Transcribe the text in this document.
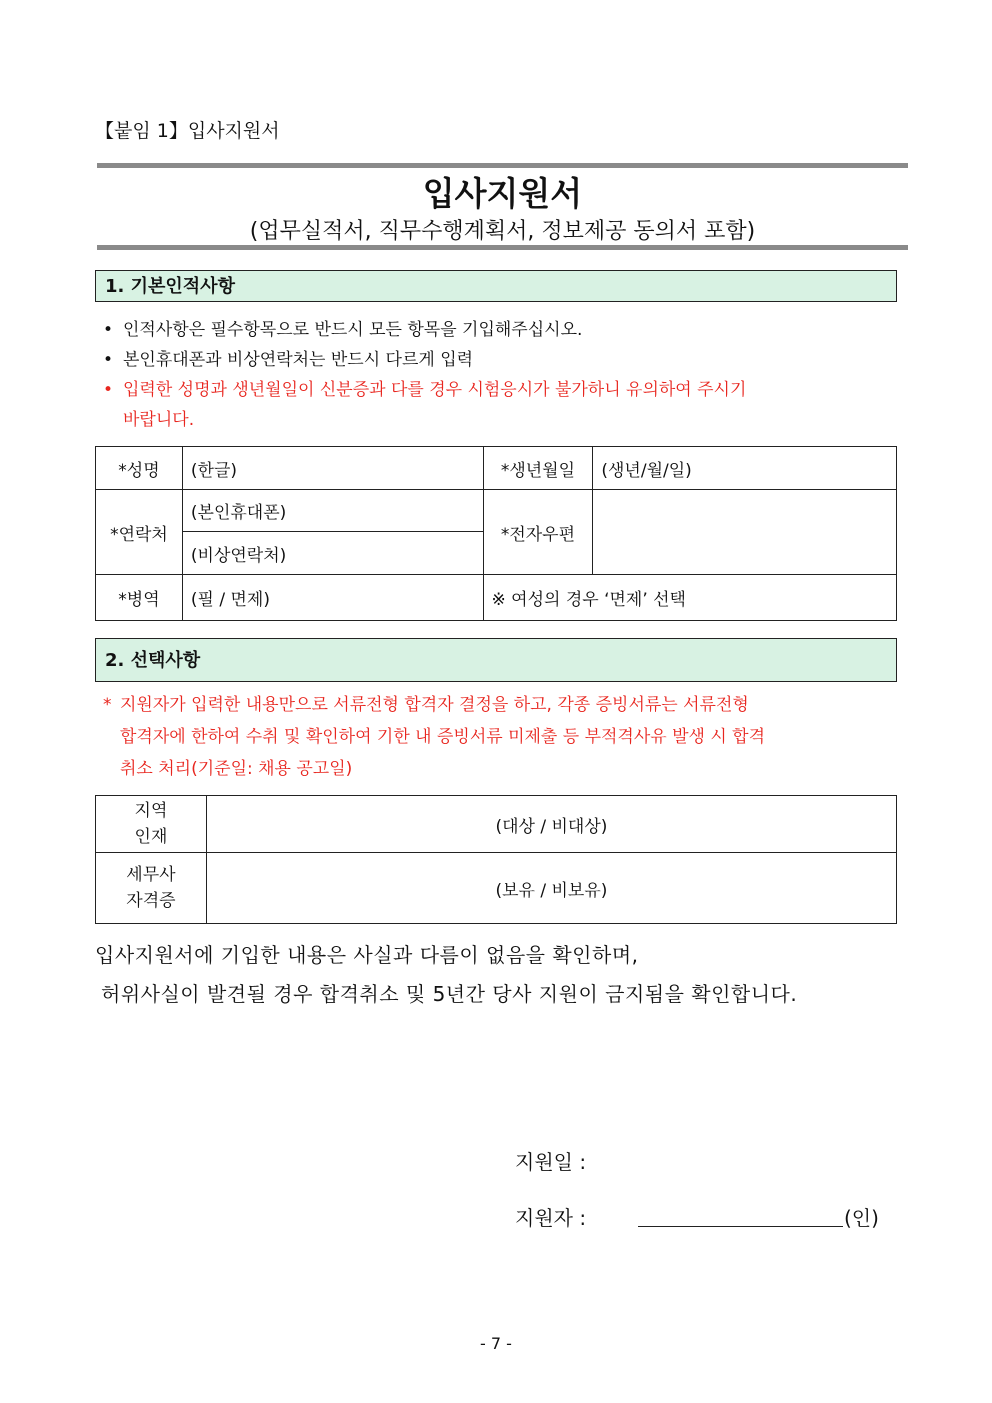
【붙임 1】입사지원서
입사지원서
(업무실적서, 직무수행계획서, 정보제공 동의서 포함)
1. 기본인적사항
• 인적사항은 필수항목으로 반드시 모든 항목을 기입해주십시오.
• 본인휴대폰과 비상연락처는 반드시 다르게 입력
• 입력한 성명과 생년월일이 신분증과 다를 경우 시험응시가 불가하니 유의하여 주시기
바랍니다.
*성명	(한글)	*생년월일	(생년/월/일)
*연락처	(본인휴대폰)	*전자우편	
	(비상연락처)		
*병역	(필 / 면제)	※ 여성의 경우 ‘면제’ 선택	
2. 선택사항
* 지원자가 입력한 내용만으로 서류전형 합격자 결정을 하고, 각종 증빙서류는 서류전형
합격자에 한하여 수취 및 확인하여 기한 내 증빙서류 미제출 등 부적격사유 발생 시 합격
취소 처리(기준일: 채용 공고일)
지역
인재	(대상 / 비대상)
세무사
자격증	(보유 / 비보유)
입사지원서에 기입한 내용은 사실과 다름이 없음을 확인하며,
허위사실이 발견될 경우 합격취소 및 5년간 당사 지원이 금지됨을 확인합니다.
지원일 :
지원자 :	(인)
- 7 -
